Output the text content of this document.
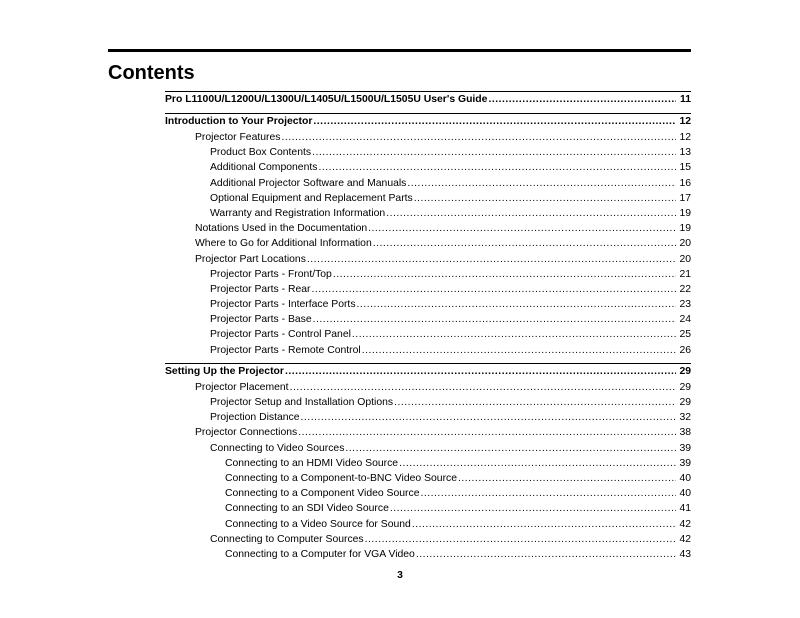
Contents
Pro L1100U/L1200U/L1300U/L1405U/L1500U/L1505U User's Guide .....	11
Introduction to Your Projector .....	12
Projector Features .....	12
Product Box Contents .....	13
Additional Components .....	15
Additional Projector Software and Manuals .....	16
Optional Equipment and Replacement Parts .....	17
Warranty and Registration Information .....	19
Notations Used in the Documentation .....	19
Where to Go for Additional Information .....	20
Projector Part Locations .....	20
Projector Parts - Front/Top .....	21
Projector Parts - Rear .....	22
Projector Parts - Interface Ports .....	23
Projector Parts - Base .....	24
Projector Parts - Control Panel .....	25
Projector Parts - Remote Control .....	26
Setting Up the Projector .....	29
Projector Placement .....	29
Projector Setup and Installation Options .....	29
Projection Distance .....	32
Projector Connections .....	38
Connecting to Video Sources .....	39
Connecting to an HDMI Video Source .....	39
Connecting to a Component-to-BNC Video Source .....	40
Connecting to a Component Video Source .....	40
Connecting to an SDI Video Source .....	41
Connecting to a Video Source for Sound .....	42
Connecting to Computer Sources .....	42
Connecting to a Computer for VGA Video .....	43
3
